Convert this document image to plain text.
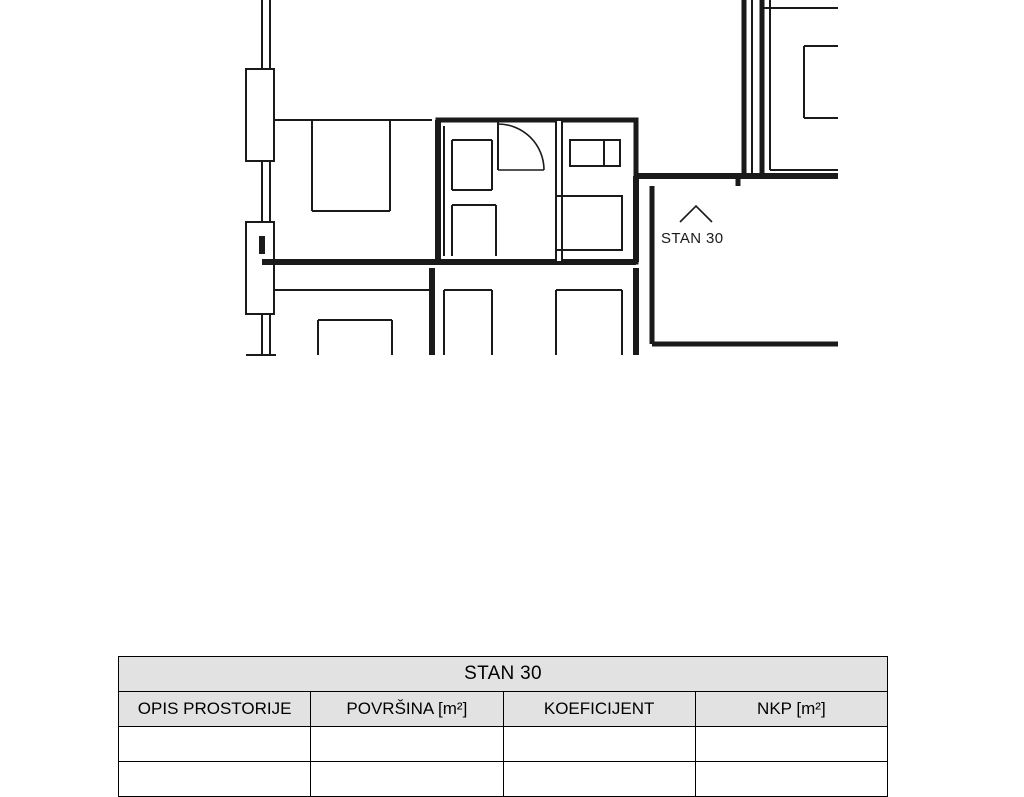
STAN 30
STAN 30			
OPIS PROSTORIJE	POVRŠINA [m²]	KOEFICIJENT	NKP [m²]
